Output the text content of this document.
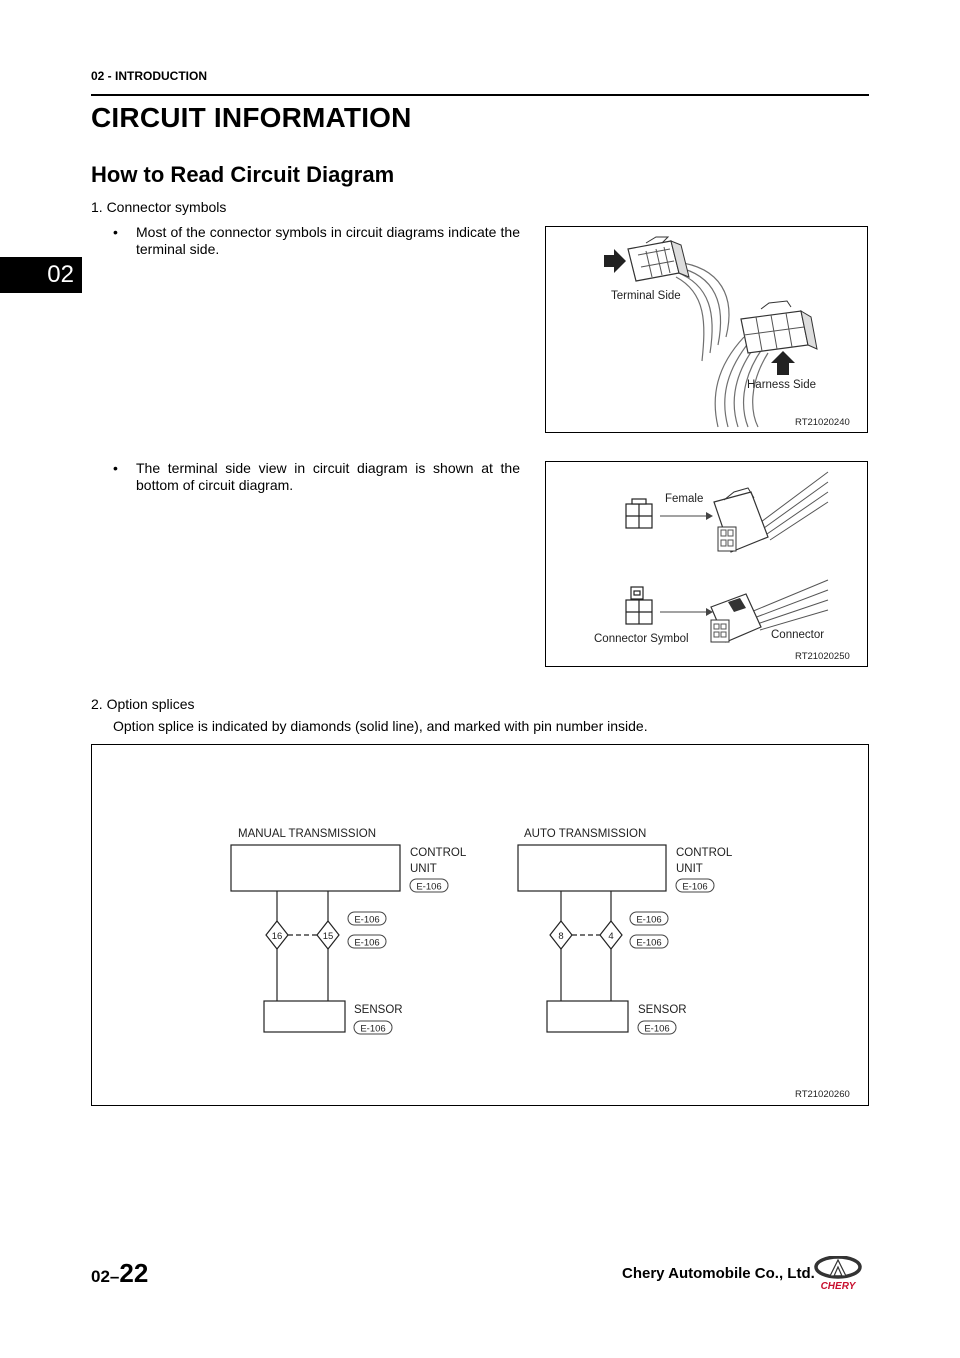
02 - INTRODUCTION
CIRCUIT INFORMATION
How to Read Circuit Diagram
02
1. Connector symbols
• Most of the connector symbols in circuit diagrams indicate the terminal side.
• The terminal side view in circuit diagram is shown at the bottom of circuit diagram.
Terminal Side
Harness Side
RT21020240
Female
Connector Symbol	Connector
RT21020250
2. Option splices
Option splice is indicated by diamonds (solid line), and marked with pin number inside.
MANUAL TRANSMISSION
CONTROL
UNIT
E-106
16	15
E-106
E-106
SENSOR
E-106
AUTO TRANSMISSION
CONTROL
UNIT
E-106
8	4
E-106
E-106
SENSOR
E-106
RT21020260
02–22	Chery Automobile Co., Ltd.
CHERY
